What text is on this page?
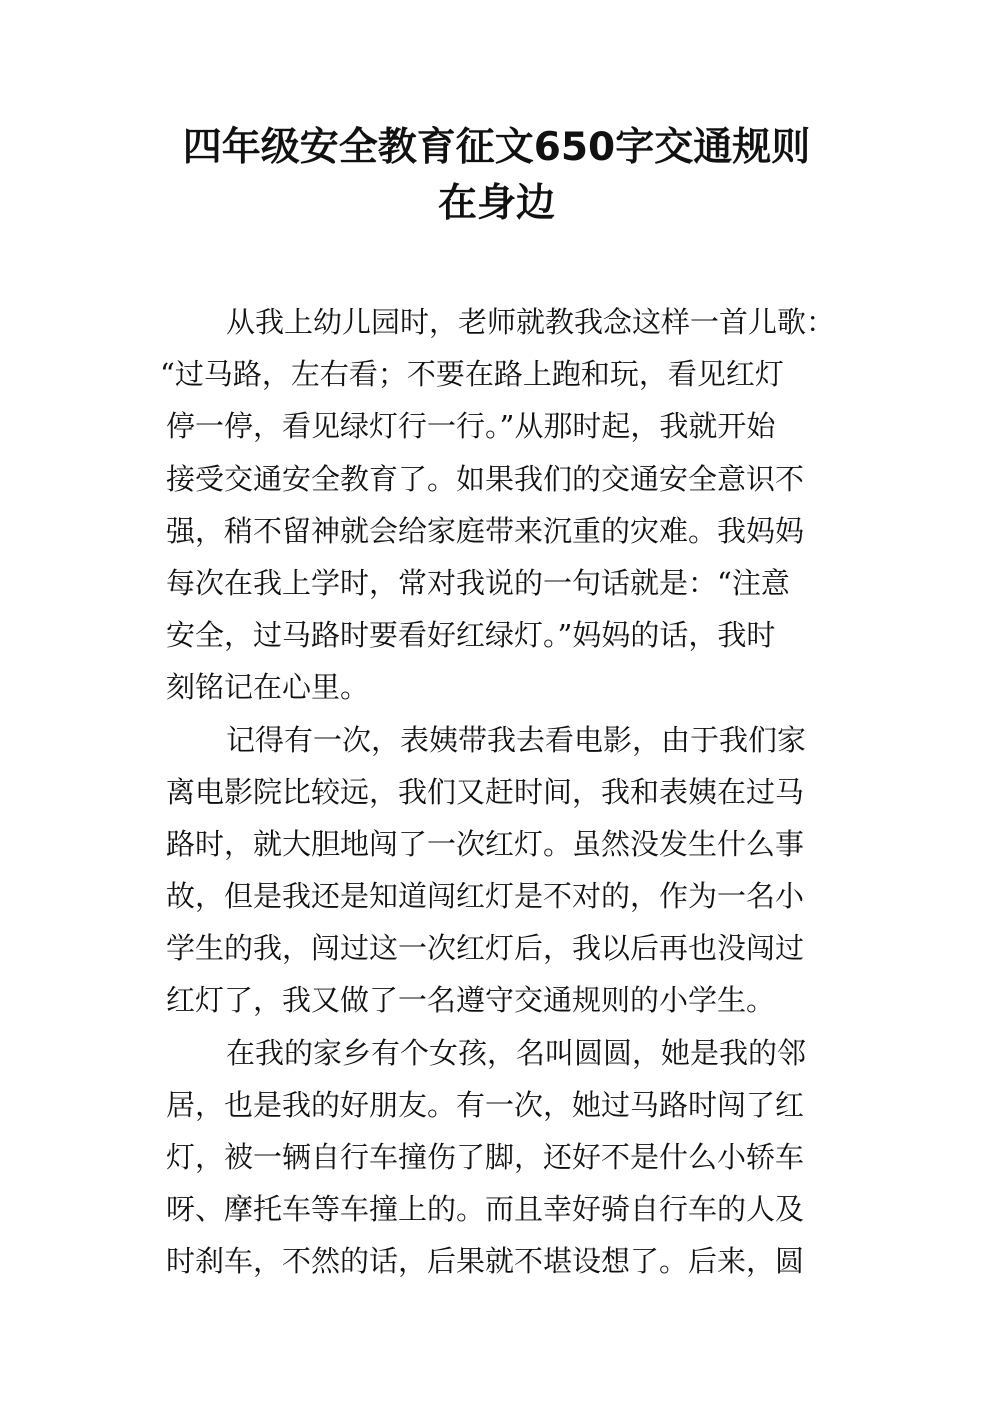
四年级安全教育征文650字交通规则
在身边
从我上幼儿园时，老师就教我念这样一首儿歌：
“过马路，左右看；不要在路上跑和玩，看见红灯
停一停，看见绿灯行一行。”从那时起，我就开始
接受交通安全教育了。如果我们的交通安全意识不
强，稍不留神就会给家庭带来沉重的灾难。我妈妈
每次在我上学时，常对我说的一句话就是：“注意
安全，过马路时要看好红绿灯。”妈妈的话，我时
刻铭记在心里。
记得有一次，表姨带我去看电影，由于我们家
离电影院比较远，我们又赶时间，我和表姨在过马
路时，就大胆地闯了一次红灯。虽然没发生什么事
故，但是我还是知道闯红灯是不对的，作为一名小
学生的我，闯过这一次红灯后，我以后再也没闯过
红灯了，我又做了一名遵守交通规则的小学生。
在我的家乡有个女孩，名叫圆圆，她是我的邻
居，也是我的好朋友。有一次，她过马路时闯了红
灯，被一辆自行车撞伤了脚，还好不是什么小轿车
呀、摩托车等车撞上的。而且幸好骑自行车的人及
时刹车，不然的话，后果就不堪设想了。后来，圆
